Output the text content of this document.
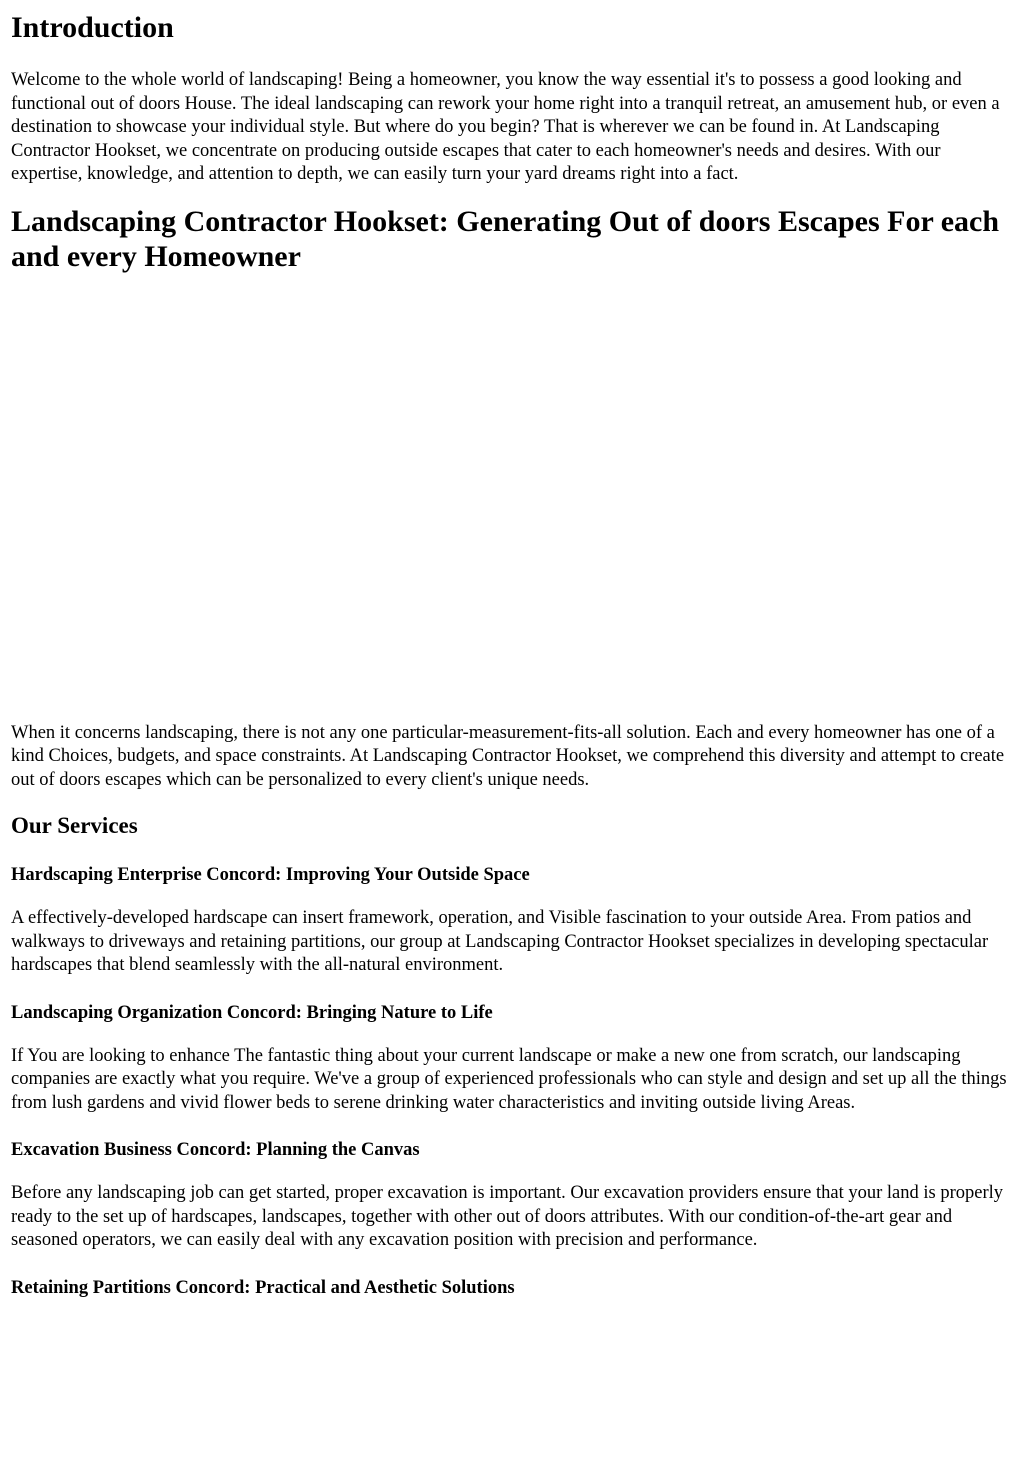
Introduction

Welcome to the whole world of landscaping! Being a homeowner, you know the way essential it's to possess a good looking and functional out of doors House. The ideal landscaping can rework your home right into a tranquil retreat, an amusement hub, or even a destination to showcase your individual style. But where do you begin? That is wherever we can be found in. At Landscaping Contractor Hookset, we concentrate on producing outside escapes that cater to each homeowner's needs and desires. With our expertise, knowledge, and attention to depth, we can easily turn your yard dreams right into a fact.

Landscaping Contractor Hookset: Generating Out of doors Escapes For each and every Homeowner

When it concerns landscaping, there is not any one particular-measurement-fits-all solution. Each and every homeowner has one of a kind Choices, budgets, and space constraints. At Landscaping Contractor Hookset, we comprehend this diversity and attempt to create out of doors escapes which can be personalized to every client's unique needs.

Our Services
Hardscaping Enterprise Concord: Improving Your Outside Space

A effectively-developed hardscape can insert framework, operation, and Visible fascination to your outside Area. From patios and walkways to driveways and retaining partitions, our group at Landscaping Contractor Hookset specializes in developing spectacular hardscapes that blend seamlessly with the all-natural environment.

Landscaping Organization Concord: Bringing Nature to Life

If You are looking to enhance The fantastic thing about your current landscape or make a new one from scratch, our landscaping companies are exactly what you require. We've a group of experienced professionals who can style and design and set up all the things from lush gardens and vivid flower beds to serene drinking water characteristics and inviting outside living Areas.

Excavation Business Concord: Planning the Canvas

Before any landscaping job can get started, proper excavation is important. Our excavation providers ensure that your land is properly ready to the set up of hardscapes, landscapes, together with other out of doors attributes. With our condition-of-the-art gear and seasoned operators, we can easily deal with any excavation position with precision and performance.

Retaining Partitions Concord: Practical and Aesthetic Solutions
